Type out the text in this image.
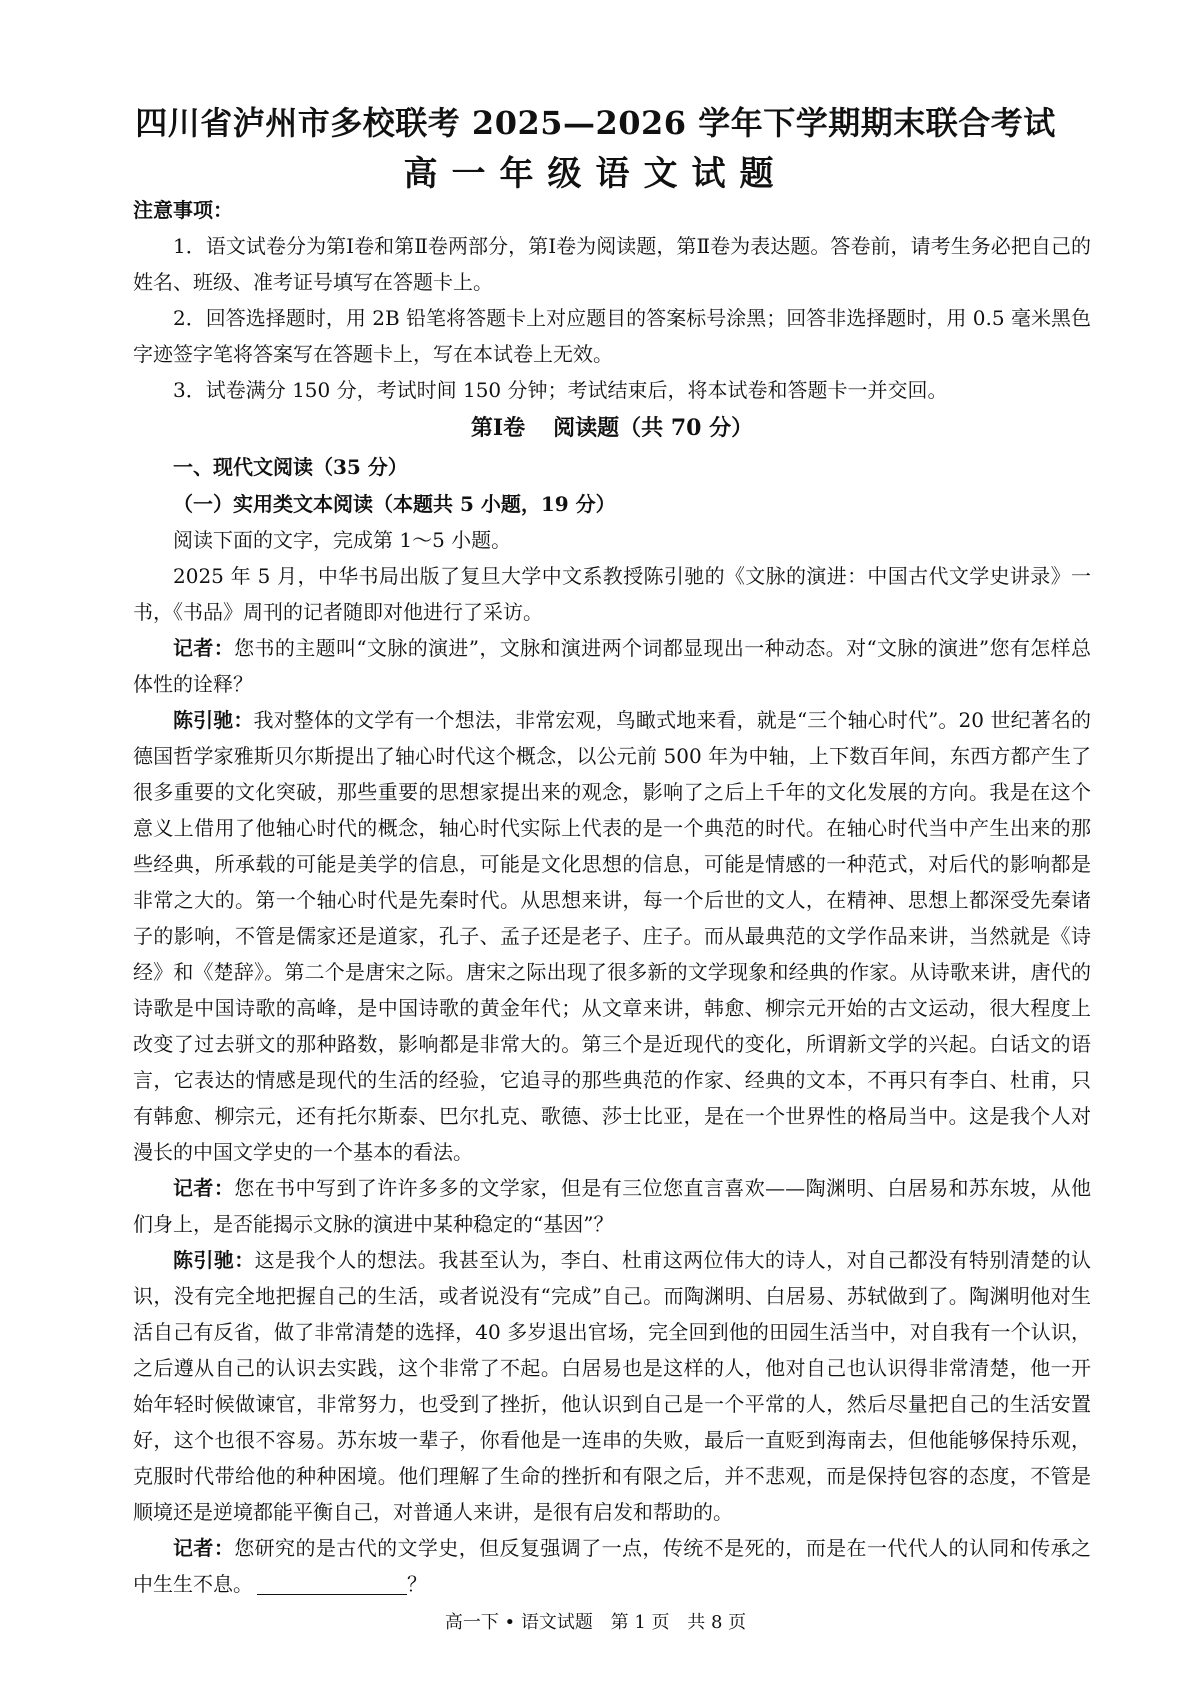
四川省泸州市多校联考 2025—2026 学年下学期期末联合考试
高一年级语文试题

注意事项：

1．语文试卷分为第Ⅰ卷和第Ⅱ卷两部分，第Ⅰ卷为阅读题，第Ⅱ卷为表达题。答卷前，请考生务必把自己的姓名、班级、准考证号填写在答题卡上。

2．回答选择题时，用 2B 铅笔将答题卡上对应题目的答案标号涂黑；回答非选择题时，用 0.5 毫米黑色字迹签字笔将答案写在答题卡上，写在本试卷上无效。

3．试卷满分 150 分，考试时间 150 分钟；考试结束后，将本试卷和答题卡一并交回。

第Ⅰ卷 阅读题（共 70 分）

一、现代文阅读（35 分）

（一）实用类文本阅读（本题共 5 小题，19 分）

阅读下面的文字，完成第 1～5 小题。

2025 年 5 月，中华书局出版了复旦大学中文系教授陈引驰的《文脉的演进：中国古代文学史讲录》一书，《书品》周刊的记者随即对他进行了采访。

记者：您书的主题叫“文脉的演进”，文脉和演进两个词都显现出一种动态。对“文脉的演进”您有怎样总体性的诠释？

陈引驰：我对整体的文学有一个想法，非常宏观，鸟瞰式地来看，就是“三个轴心时代”。20 世纪著名的德国哲学家雅斯贝尔斯提出了轴心时代这个概念，以公元前 500 年为中轴，上下数百年间，东西方都产生了很多重要的文化突破，那些重要的思想家提出来的观念，影响了之后上千年的文化发展的方向。我是在这个意义上借用了他轴心时代的概念，轴心时代实际上代表的是一个典范的时代。在轴心时代当中产生出来的那些经典，所承载的可能是美学的信息，可能是文化思想的信息，可能是情感的一种范式，对后代的影响都是非常之大的。第一个轴心时代是先秦时代。从思想来讲，每一个后世的文人，在精神、思想上都深受先秦诸子的影响，不管是儒家还是道家，孔子、孟子还是老子、庄子。而从最典范的文学作品来讲，当然就是《诗经》和《楚辞》。第二个是唐宋之际。唐宋之际出现了很多新的文学现象和经典的作家。从诗歌来讲，唐代的诗歌是中国诗歌的高峰，是中国诗歌的黄金年代；从文章来讲，韩愈、柳宗元开始的古文运动，很大程度上改变了过去骈文的那种路数，影响都是非常大的。第三个是近现代的变化，所谓新文学的兴起。白话文的语言，它表达的情感是现代的生活的经验，它追寻的那些典范的作家、经典的文本，不再只有李白、杜甫，只有韩愈、柳宗元，还有托尔斯泰、巴尔扎克、歌德、莎士比亚，是在一个世界性的格局当中。这是我个人对漫长的中国文学史的一个基本的看法。

记者：您在书中写到了许许多多的文学家，但是有三位您直言喜欢——陶渊明、白居易和苏东坡，从他们身上，是否能揭示文脉的演进中某种稳定的“基因”？

陈引驰：这是我个人的想法。我甚至认为，李白、杜甫这两位伟大的诗人，对自己都没有特别清楚的认识，没有完全地把握自己的生活，或者说没有“完成”自己。而陶渊明、白居易、苏轼做到了。陶渊明他对生活自己有反省，做了非常清楚的选择，40 多岁退出官场，完全回到他的田园生活当中，对自我有一个认识，之后遵从自己的认识去实践，这个非常了不起。白居易也是这样的人，他对自己也认识得非常清楚，他一开始年轻时候做谏官，非常努力，也受到了挫折，他认识到自己是一个平常的人，然后尽量把自己的生活安置好，这个也很不容易。苏东坡一辈子，你看他是一连串的失败，最后一直贬到海南去，但他能够保持乐观，克服时代带给他的种种困境。他们理解了生命的挫折和有限之后，并不悲观，而是保持包容的态度，不管是顺境还是逆境都能平衡自己，对普通人来讲，是很有启发和帮助的。

记者：您研究的是古代的文学史，但反复强调了一点，传统不是死的，而是在一代代人的认同和传承之中生生不息。	？

高一下 • 语文试题 第 1 页 共 8 页
